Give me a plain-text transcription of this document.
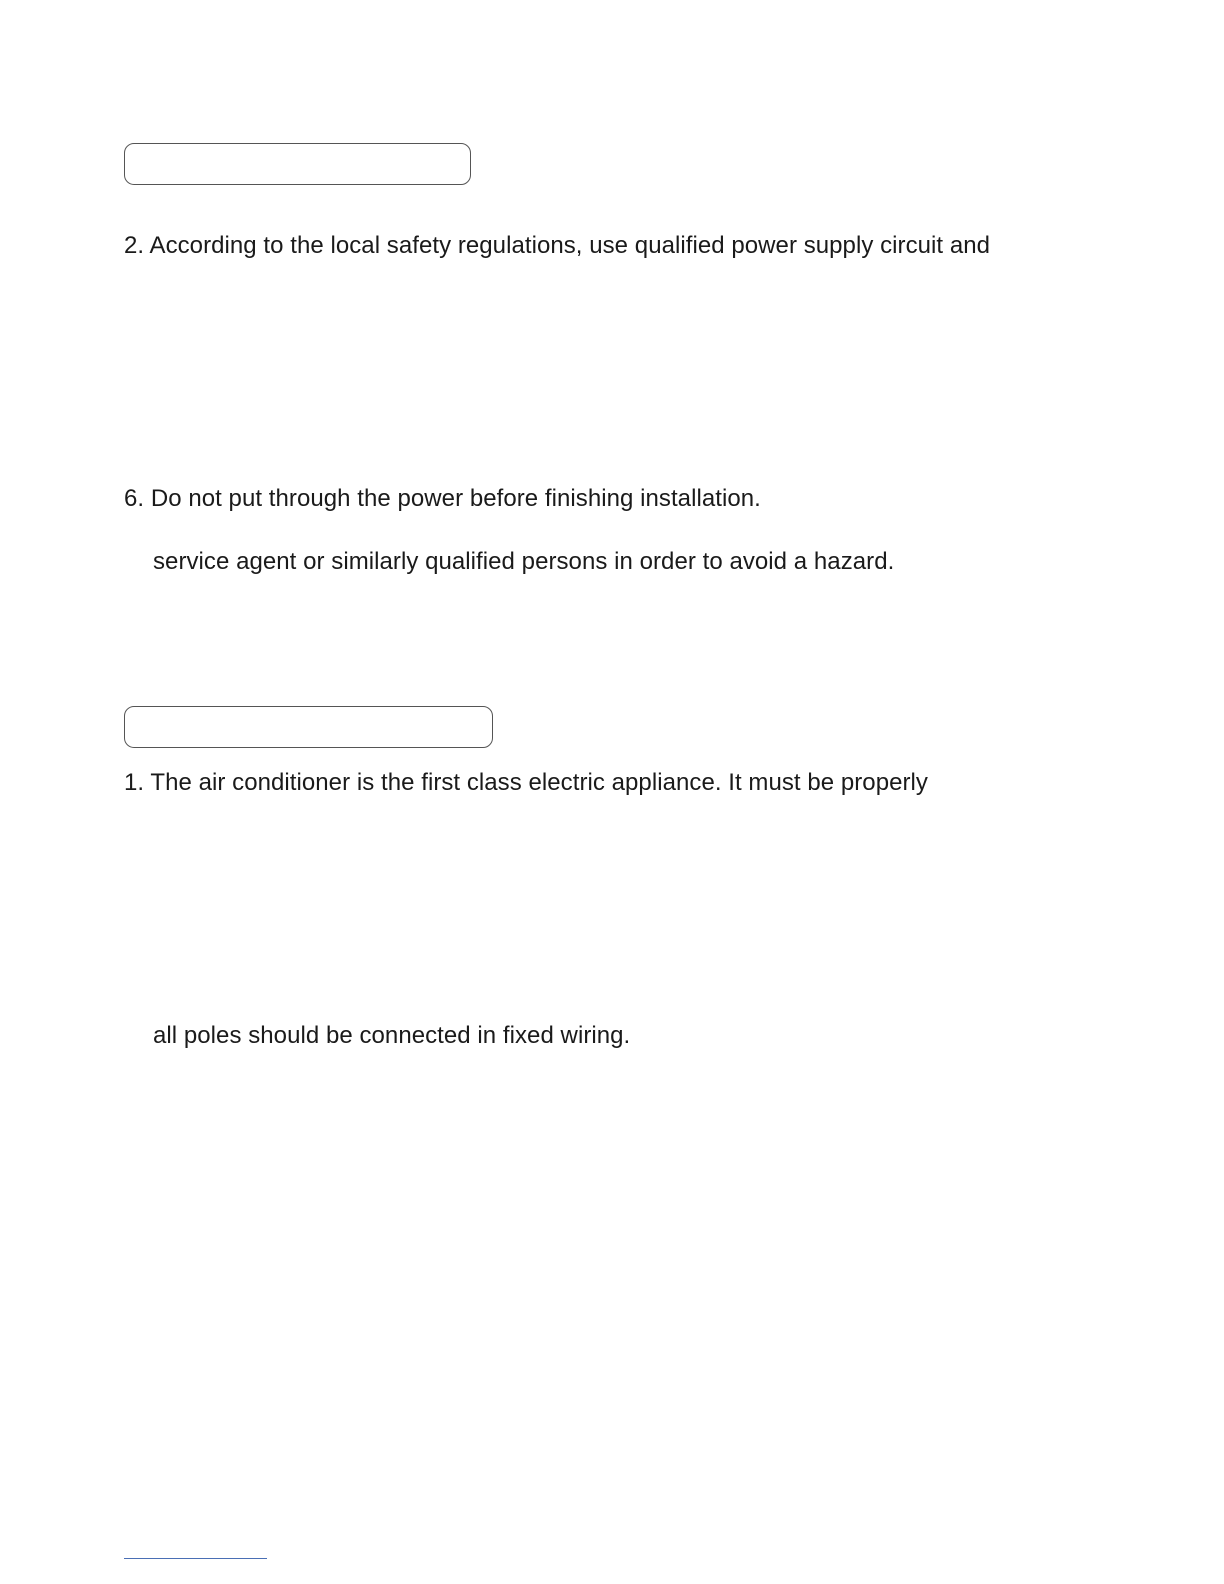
2. According to the local safety regulations, use qualified power supply circuit and
6. Do not put through the power before finishing installation.
service agent or similarly qualified persons in order to avoid a hazard.
1. The air conditioner is the first class electric appliance. It must be properly
all poles should be connected in fixed wiring.
